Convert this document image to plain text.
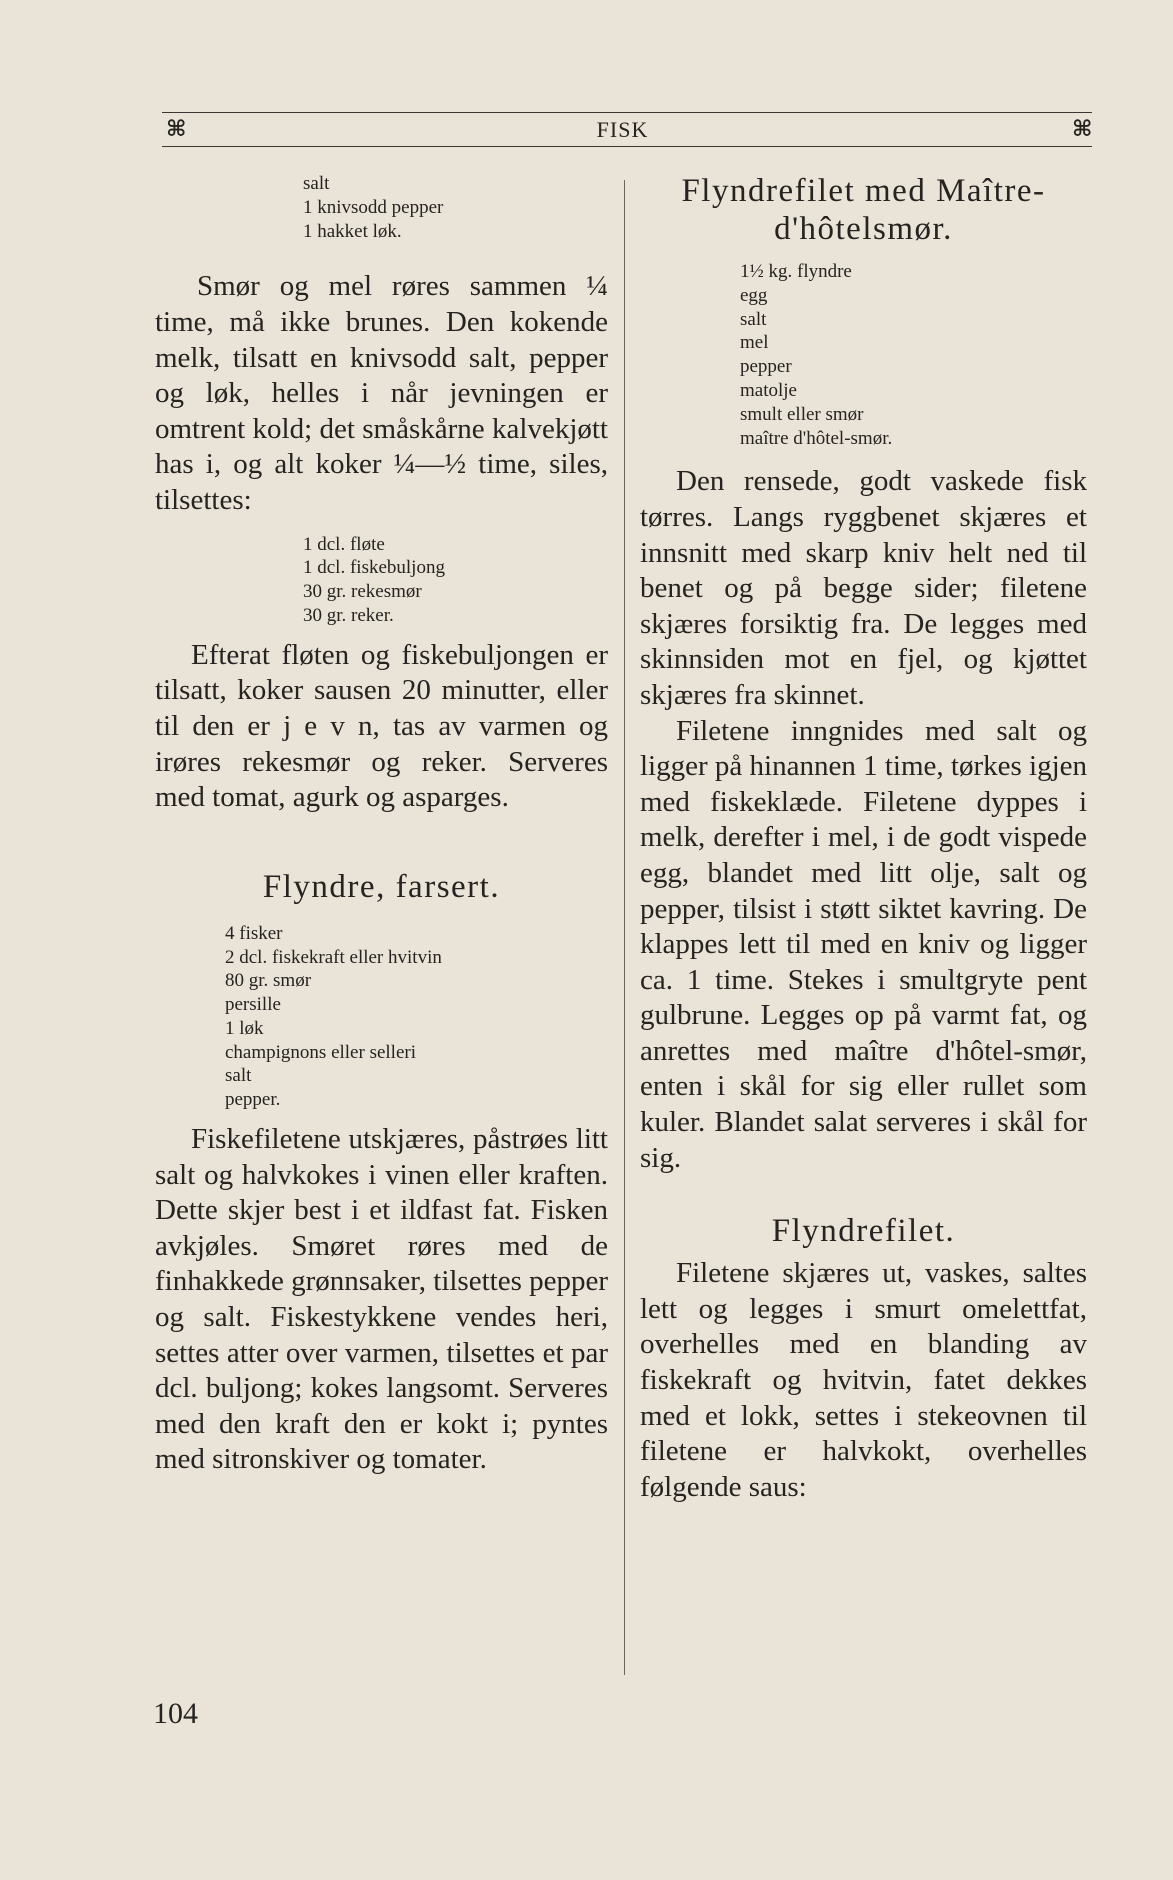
⌘	FISK	⌘
salt
1 knivsodd pepper
1 hakket løk.

Smør og mel røres sammen ¼ time, må ikke brunes. Den kokende melk, tilsatt en knivsodd salt, pepper og løk, helles i når jevningen er omtrent kold; det småskårne kalvekjøtt has i, og alt koker ¼—½ time, siles, tilsettes:

1 dcl. fløte
1 dcl. fiskebuljong
30 gr. rekesmør
30 gr. reker.

Efterat fløten og fiskebuljongen er tilsatt, koker sausen 20 minutter, eller til den er j e v n, tas av varmen og irøres rekesmør og reker. Serveres med tomat, agurk og asparges.

Flyndre, farsert.
4 fisker
2 dcl. fiskekraft eller hvitvin
80 gr. smør
persille
1 løk
champignons eller selleri
salt
pepper.

Fiskefiletene utskjæres, påstrøes litt salt og halvkokes i vinen eller kraften. Dette skjer best i et ildfast fat. Fisken avkjøles. Smøret røres med de finhakkede grønnsaker, tilsettes pepper og salt. Fiskestykkene vendes heri, settes atter over varmen, tilsettes et par dcl. buljong; kokes langsomt. Serveres med den kraft den er kokt i; pyntes med sitronskiver og tomater.

Flyndrefilet med Maître-
d'hôtelsmør.
1½ kg. flyndre
egg
salt
mel
pepper
matolje
smult eller smør
maître d'hôtel-smør.

Den rensede, godt vaskede fisk tørres. Langs ryggbenet skjæres et innsnitt med skarp kniv helt ned til benet og på begge sider; filetene skjæres forsiktig fra. De legges med skinnsiden mot en fjel, og kjøttet skjæres fra skinnet.

Filetene inngnides med salt og ligger på hinannen 1 time, tørkes igjen med fiskeklæde. Filetene dyppes i melk, derefter i mel, i de godt vispede egg, blandet med litt olje, salt og pepper, tilsist i støtt siktet kavring. De klappes lett til med en kniv og ligger ca. 1 time. Stekes i smultgryte pent gulbrune. Legges op på varmt fat, og anrettes med maître d'hôtel-smør, enten i skål for sig eller rullet som kuler. Blandet salat serveres i skål for sig.

Flyndrefilet.

Filetene skjæres ut, vaskes, saltes lett og legges i smurt omelettfat, overhelles med en blanding av fiskekraft og hvitvin, fatet dekkes med et lokk, settes i stekeovnen til filetene er halvkokt, overhelles følgende saus:

104
